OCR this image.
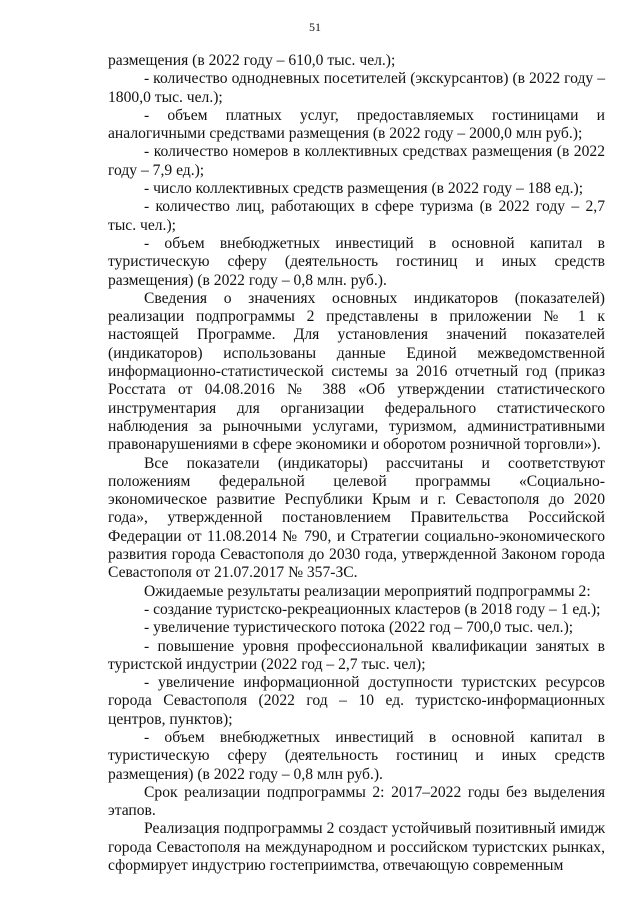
51

размещения (в 2022 году – 610,0 тыс. чел.);

- количество однодневных посетителей (экскурсантов) (в 2022 году – 1800,0 тыс. чел.);

- объем платных услуг, предоставляемых гостиницами и аналогичными средствами размещения (в 2022 году – 2000,0 млн руб.);

- количество номеров в коллективных средствах размещения (в 2022 году – 7,9 ед.);

- число коллективных средств размещения (в 2022 году – 188 ед.);

- количество лиц, работающих в сфере туризма (в 2022 году – 2,7 тыс. чел.);

- объем внебюджетных инвестиций в основной капитал в туристическую сферу (деятельность гостиниц и иных средств размещения) (в 2022 году – 0,8 млн. руб.).

Сведения о значениях основных индикаторов (показателей) реализации подпрограммы 2 представлены в приложении № 1 к настоящей Программе. Для установления значений показателей (индикаторов) использованы данные Единой межведомственной информационно-статистической системы за 2016 отчетный год (приказ Росстата от 04.08.2016 № 388 «Об утверждении статистического инструментария для организации федерального статистического наблюдения за рыночными услугами, туризмом, административными правонарушениями в сфере экономики и оборотом розничной торговли»).

Все показатели (индикаторы) рассчитаны и соответствуют положениям федеральной целевой программы «Социально-экономическое развитие Республики Крым и г. Севастополя до 2020 года», утвержденной постановлением Правительства Российской Федерации от 11.08.2014 № 790, и Стратегии социально-экономического развития города Севастополя до 2030 года, утвержденной Законом города Севастополя от 21.07.2017 № 357-ЗС.

Ожидаемые результаты реализации мероприятий подпрограммы 2:

- создание туристско-рекреационных кластеров (в 2018 году – 1 ед.);

- увеличение туристического потока (2022 год – 700,0 тыс. чел.);

- повышение уровня профессиональной квалификации занятых в туристской индустрии (2022 год – 2,7 тыс. чел);

- увеличение информационной доступности туристских ресурсов города Севастополя (2022 год – 10 ед. туристско-информационных центров, пунктов);

- объем внебюджетных инвестиций в основной капитал в туристическую сферу (деятельность гостиниц и иных средств размещения) (в 2022 году – 0,8 млн руб.).

Срок реализации подпрограммы 2: 2017–2022 годы без выделения этапов.

Реализация подпрограммы 2 создаст устойчивый позитивный имидж города Севастополя на международном и российском туристских рынках, сформирует индустрию гостеприимства, отвечающую современным
